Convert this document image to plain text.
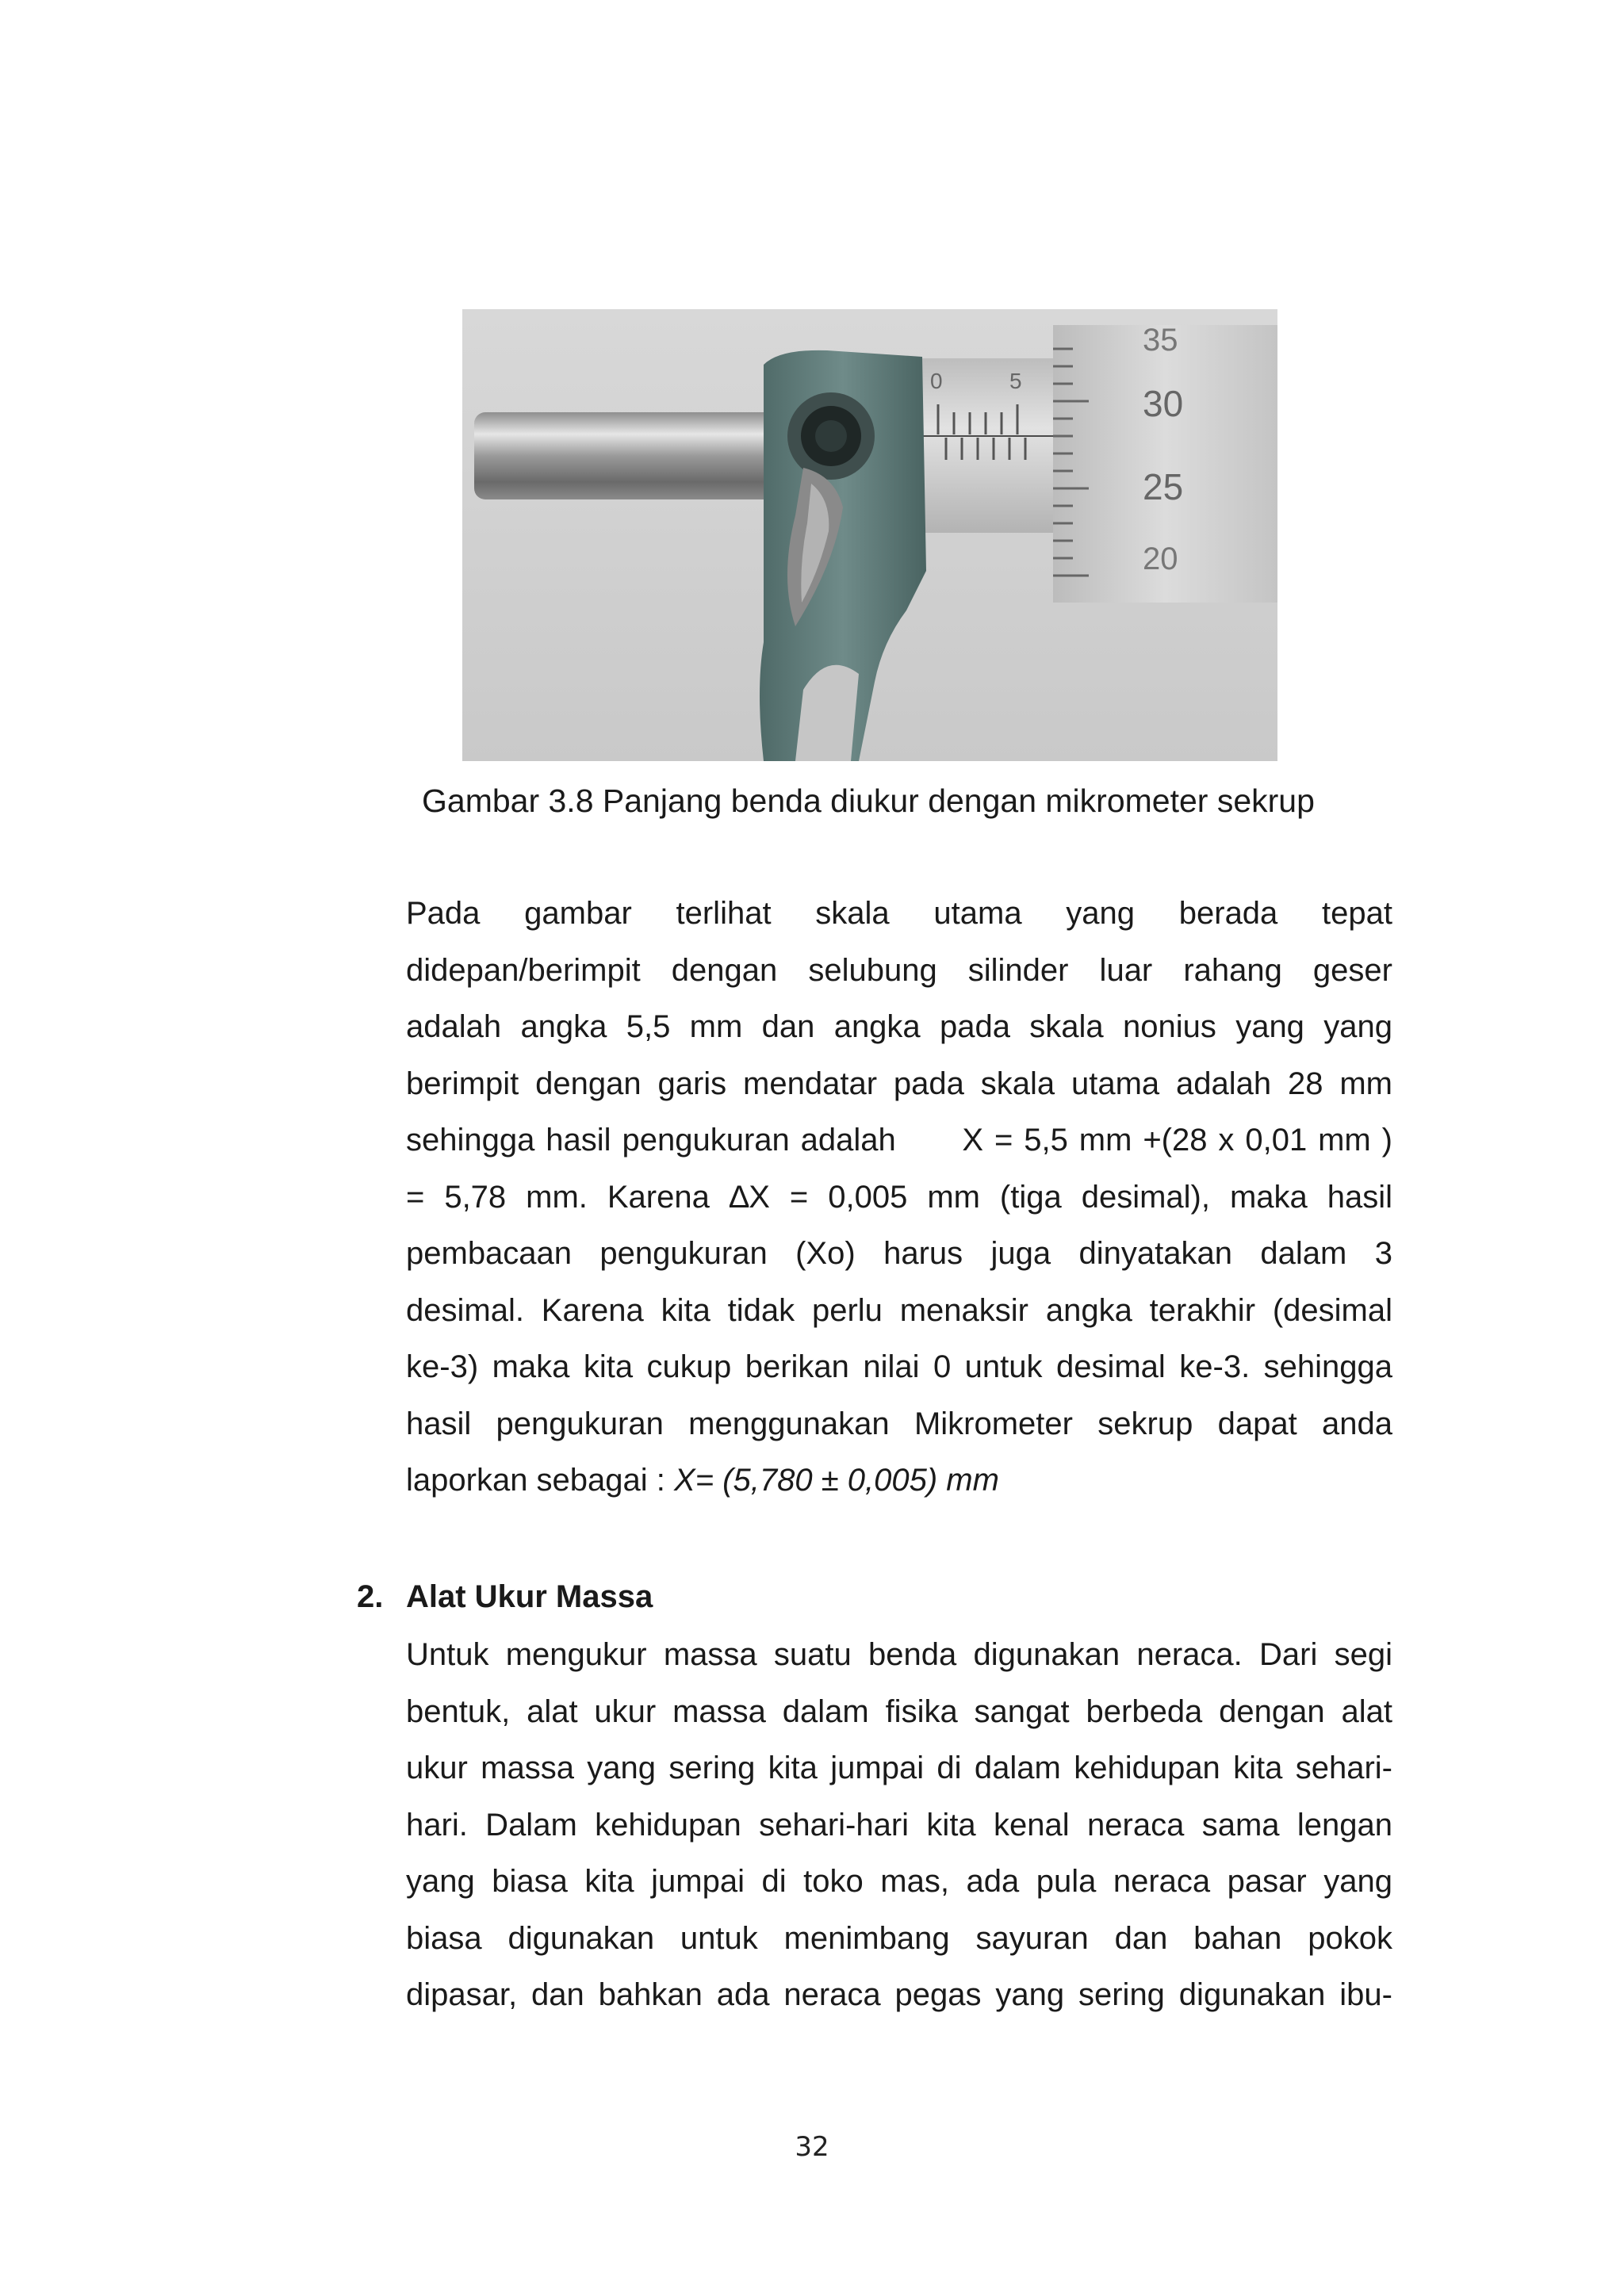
0	5
35
30
25
20
Gambar 3.8 Panjang benda diukur dengan mikrometer sekrup
Pada gambar terlihat skala utama yang berada tepat
didepan/berimpit dengan selubung silinder luar rahang geser
adalah angka 5,5 mm dan angka pada skala nonius yang yang
berimpit dengan garis mendatar pada skala utama adalah 28 mm
sehingga hasil pengukuran adalah      X = 5,5 mm +(28 x 0,01 mm )
= 5,78 mm. Karena ∆X = 0,005 mm (tiga desimal), maka hasil
pembacaan pengukuran (Xo) harus juga dinyatakan dalam 3
desimal. Karena kita tidak perlu menaksir angka terakhir (desimal
ke-3) maka kita cukup berikan nilai 0 untuk desimal ke-3. sehingga
hasil pengukuran menggunakan Mikrometer sekrup dapat anda
laporkan sebagai : X= (5,780 ± 0,005) mm
2. Alat Ukur Massa
Untuk mengukur massa suatu benda digunakan neraca. Dari segi
bentuk, alat ukur massa dalam fisika sangat berbeda dengan alat
ukur massa yang sering kita jumpai di dalam kehidupan kita sehari-
hari. Dalam kehidupan sehari-hari kita kenal neraca sama lengan
yang biasa kita jumpai di toko mas, ada pula neraca pasar yang
biasa digunakan untuk menimbang sayuran dan bahan pokok
dipasar, dan bahkan ada neraca pegas yang sering digunakan ibu-
32
